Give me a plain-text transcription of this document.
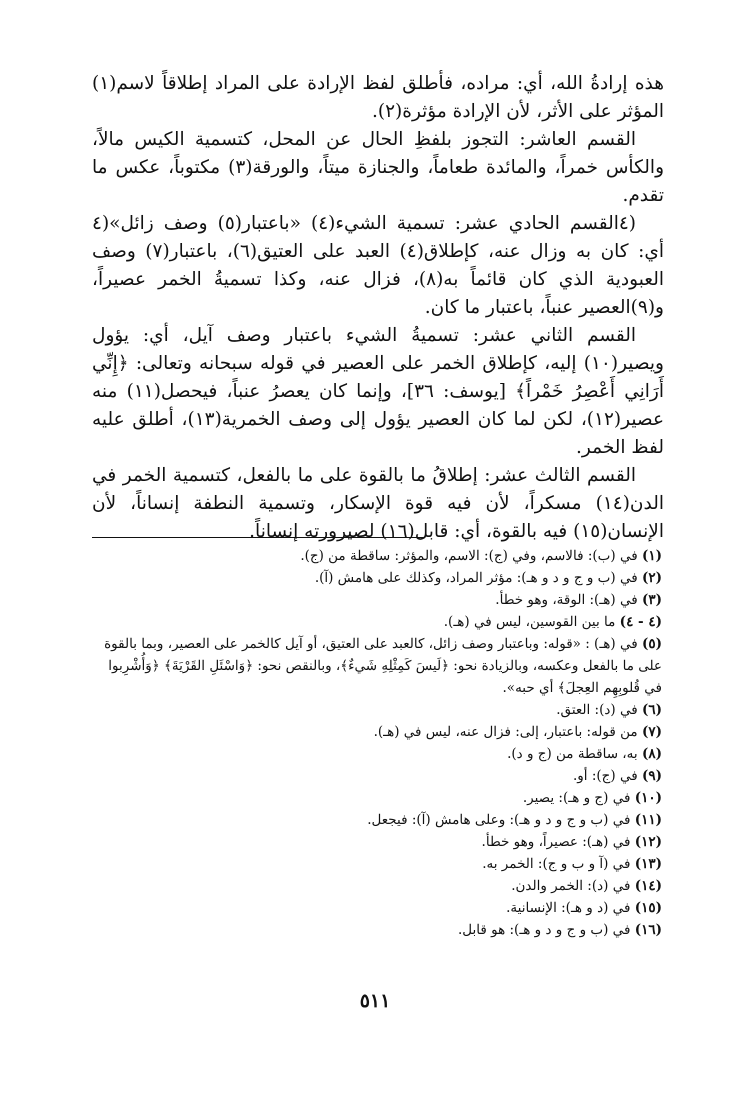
هذه إرادةُ الله، أي: مراده، فأطلق لفظ الإرادة على المراد إطلاقاً لاسم(١) المؤثر على الأثر، لأن الإرادة مؤثرة(٢).

القسم العاشر: التجوز بلفظِ الحال عن المحل، كتسمية الكيس مالاً، والكأس خمراً، والمائدة طعاماً، والجنازة ميتاً، والورقة(٣) مكتوباً، عكس ما تقدم.

(٤القسم الحادي عشر: تسمية الشيء(٤) «باعتبار(٥) وصف زائل»(٤ أي: كان به وزال عنه، كإطلاق(٤) العبد على العتيق(٦)، باعتبار(٧) وصف العبودية الذي كان قائماً به(٨)، فزال عنه، وكذا تسميةُ الخمر عصيراً، و(٩)العصير عنباً، باعتبار ما كان.

القسم الثاني عشر: تسميةُ الشيء باعتبار وصف آيل، أي: يؤول ويصير(١٠) إليه، كإطلاق الخمر على العصير في قوله سبحانه وتعالى: ﴿إِنِّي أَرَانِي أَعْصِرُ خَمْراً﴾ [يوسف: ٣٦]، وإنما كان يعصرُ عنباً، فيحصل(١١) منه عصير(١٢)، لكن لما كان العصير يؤول إلى وصف الخمرية(١٣)، أطلق عليه لفظ الخمر.

القسم الثالث عشر: إطلاقُ ما بالقوة على ما بالفعل، كتسمية الخمر في الدن(١٤) مسكراً، لأن فيه قوة الإسكار، وتسمية النطفة إنساناً، لأن الإنسان(١٥) فيه بالقوة، أي: قابل(١٦) لصيرورته إنساناً.

(١) في (ب): فالاسم، وفي (ج): الاسم، والمؤثر: ساقطة من (ج).
(٢) في (ب و ج و د و هـ): مؤثر المراد، وكذلك على هامش (آ).
(٣) في (هـ): الوقة، وهو خطأ.
(٤ - ٤) ما بين القوسين، ليس في (هـ).
(٥) في (هـ) : «قوله: وباعتبار وصف زائل، كالعبد على العتيق، أو آيل كالخمر على العصير، وبما بالقوة على ما بالفعل وعكسه، وبالزيادة نحو: ﴿لَيسَ كَمِثْلِهِ شَيءٌ﴾، وبالنقص نحو: ﴿وَاسْئَلِ القَرْيَةَ﴾ ﴿وَأُشْرِبوا في قُلوبِهِم العِجلَ﴾ أي حبه».
(٦) في (د): العتق.
(٧) من قوله: باعتبار، إلى: فزال عنه، ليس في (هـ).
(٨) به، ساقطة من (ج و د).
(٩) في (ج): أو.
(١٠) في (ج و هـ): يصير.
(١١) في (ب و ج و د و هـ): وعلى هامش (آ): فيجعل.
(١٢) في (هـ): عصيراً، وهو خطأ.
(١٣) في (آ و ب و ج): الخمر به.
(١٤) في (د): الخمر والدن.
(١٥) في (د و هـ): الإنسانية.
(١٦) في (ب و ج و د و هـ): هو قابل.
٥١١
